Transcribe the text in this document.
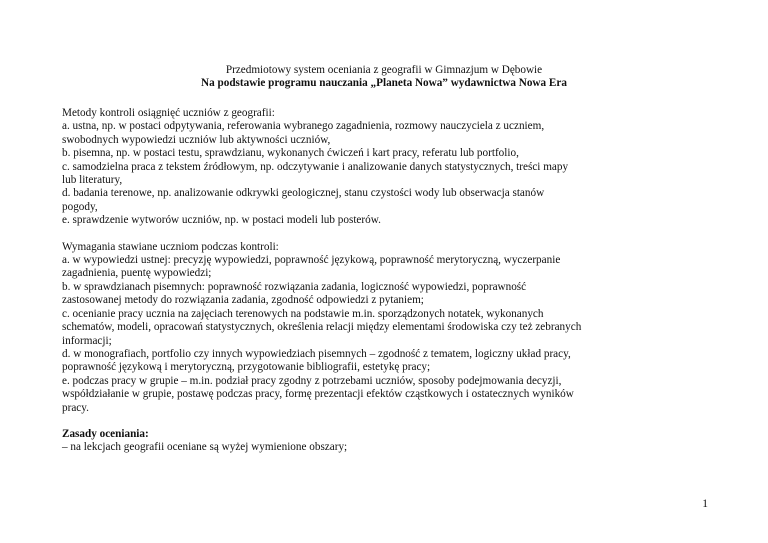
Przedmiotowy system oceniania z geografii w Gimnazjum w Dębowie
Na podstawie programu nauczania „Planeta Nowa” wydawnictwa Nowa Era
Metody kontroli osiągnięć uczniów z geografii:
a. ustna, np. w postaci odpytywania, referowania wybranego zagadnienia, rozmowy nauczyciela z uczniem, swobodnych wypowiedzi uczniów lub aktywności uczniów,
b. pisemna, np. w postaci testu, sprawdzianu, wykonanych ćwiczeń i kart pracy, referatu lub portfolio,
c. samodzielna praca z tekstem źródłowym, np. odczytywanie i analizowanie danych statystycznych, treści mapy lub literatury,
d. badania terenowe, np. analizowanie odkrywki geologicznej, stanu czystości wody lub obserwacja stanów pogody,
e. sprawdzenie wytworów uczniów, np. w postaci modeli lub posterów.
Wymagania stawiane uczniom podczas kontroli:
a. w wypowiedzi ustnej: precyzję wypowiedzi, poprawność językową, poprawność merytoryczną, wyczerpanie zagadnienia, puentę wypowiedzi;
b. w sprawdzianach pisemnych: poprawność rozwiązania zadania, logiczność wypowiedzi, poprawność zastosowanej metody do rozwiązania zadania, zgodność odpowiedzi z pytaniem;
c. ocenianie pracy ucznia na zajęciach terenowych na podstawie m.in. sporządzonych notatek, wykonanych schematów, modeli, opracowań statystycznych, określenia relacji między elementami środowiska czy też zebranych informacji;
d. w monografiach, portfolio czy innych wypowiedziach pisemnych – zgodność z tematem, logiczny układ pracy, poprawność językową i merytoryczną, przygotowanie bibliografii, estetykę pracy;
e. podczas pracy w grupie – m.in. podział pracy zgodny z potrzebami uczniów, sposoby podejmowania decyzji, współdziałanie w grupie, postawę podczas pracy, formę prezentacji efektów cząstkowych i ostatecznych wyników pracy.
Zasady oceniania:
– na lekcjach geografii oceniane są wyżej wymienione obszary;
1
